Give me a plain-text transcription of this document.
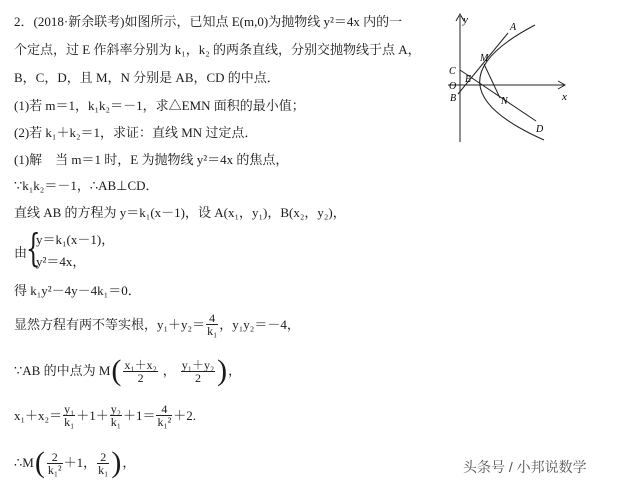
2．(2018·新余联考)如图所示，已知点 E(m,0)为抛物线 y²＝4x 内的一
个定点，过 E 作斜率分别为 k₁，k₂ 的两条直线，分别交抛物线于点 A，
B，C，D，且 M，N 分别是 AB，CD 的中点．
(1)若 m＝1，k₁k₂＝－1，求△EMN 面积的最小值；
(2)若 k₁＋k₂＝1，求证：直线 MN 过定点．
(1)解　当 m＝1 时，E 为抛物线 y²＝4x 的焦点，
∵k₁k₂＝－1，∴AB⊥CD．
直线 AB 的方程为 y＝k₁(x－1)，设 A(x₁，y₁)，B(x₂，y₂)，
由
{
y＝k₁(x－1)，
y²＝4x，
得 k₁y²－4y－4k₁＝0．
显然方程有两不等实根，$y_1+y_2= \frac{4}{\text{k₁}}$ ，y₁y₂＝－4，
∵AB 的中点为 M ( $\frac{\text{x₁＋x₂}}{2}$ ， $\frac{\text{y₁＋y₂}}{2}$ ) ，
$x_1+x_2= \frac{\text{y₁}}{\text{k₁}} +1+ \frac{\text{y₂}}{\text{k₁}} +1= \frac{4}{\text{k₁²}} +2$.
∴M ( $\frac{2}{\text{k₁²}} +1$， $\frac{2}{\text{k₁}}$ ) ，
y
x
A
M
C
E
O
B	N
D
头条号 / 小邦说数学
